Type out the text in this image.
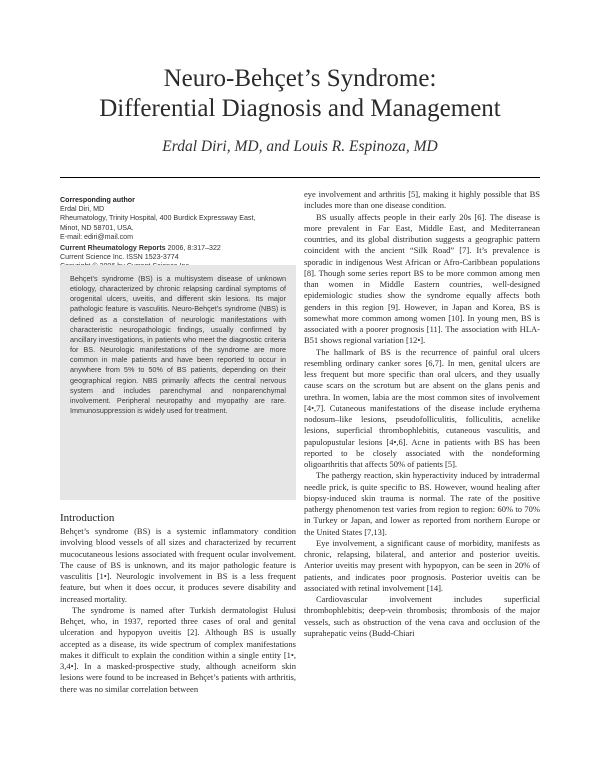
Neuro-Behçet’s Syndrome:
Differential Diagnosis and Management
Erdal Diri, MD, and Louis R. Espinoza, MD
Corresponding author
Erdal Diri, MD
Rheumatology, Trinity Hospital, 400 Burdick Expressway East,
Minot, ND 58701, USA.
E-mail: ediri@mail.com
Current Rheumatology Reports 2006, 8:317–322
Current Science Inc. ISSN 1523-3774
Behçet’s syndrome (BS) is a multisystem disease of unknown etiology, characterized by chronic relapsing cardinal symptoms of orogenital ulcers, uveitis, and different skin lesions. Its major pathologic feature is vasculitis. Neuro-Behçet’s syndrome (NBS) is defined as a constellation of neurologic manifestations with characteristic neuropathologic findings, usually confirmed by ancillary investigations, in patients who meet the diagnostic criteria for BS. Neurologic manifestations of the syndrome are more common in male patients and have been reported to occur in anywhere from 5% to 50% of BS patients, depending on their geographical region. NBS primarily affects the central nervous system and includes parenchymal and nonparenchymal involvement. Peripheral neuropathy and myopathy are rare. Immunosuppression is widely used for treatment.
Introduction

Behçet’s syndrome (BS) is a systemic inflammatory condition involving blood vessels of all sizes and characterized by recurrent mucocutaneous lesions associated with frequent ocular involvement. The cause of BS is unknown, and its major pathologic feature is vasculitis [1•]. Neurologic involvement in BS is a less frequent feature, but when it does occur, it produces severe disability and increased mortality.

The syndrome is named after Turkish dermatologist Hulusi Behçet, who, in 1937, reported three cases of oral and genital ulceration and hypopyon uveitis [2]. Although BS is usually accepted as a disease, its wide spectrum of complex manifestations makes it difficult to explain the condition within a single entity [1•, 3,4•]. In a masked-prospective study, although acneiform skin lesions were found to be increased in Behçet’s patients with arthritis, there was no similar correlation between

eye involvement and arthritis [5], making it highly possible that BS includes more than one disease condition.

BS usually affects people in their early 20s [6]. The disease is more prevalent in Far East, Middle East, and Mediterranean countries, and its global distribution suggests a geographic pattern coincident with the ancient “Silk Road” [7]. It’s prevalence is sporadic in indigenous West African or Afro-Caribbean populations [8]. Though some series report BS to be more common among men than women in Middle Eastern countries, well-designed epidemiologic studies show the syndrome equally affects both genders in this region [9]. However, in Japan and Korea, BS is somewhat more common among women [10]. In young men, BS is associated with a poorer prognosis [11]. The association with HLA-B51 shows regional variation [12•].

The hallmark of BS is the recurrence of painful oral ulcers resembling ordinary canker sores [6,7]. In men, genital ulcers are less frequent but more specific than oral ulcers, and they usually cause scars on the scrotum but are absent on the glans penis and urethra. In women, labia are the most common sites of involvement [4•,7]. Cutaneous manifestations of the disease include erythema nodosum–like lesions, pseudofolliculitis, folliculitis, acnelike lesions, superficial thrombophlebitis, cutaneous vasculitis, and papulopustular lesions [4•,6]. Acne in patients with BS has been reported to be closely associated with the nondeforming oligoarthritis that affects 50% of patients [5].

The pathergy reaction, skin hyperactivity induced by intradermal needle prick, is quite specific to BS. However, wound healing after biopsy-induced skin trauma is normal. The rate of the positive pathergy phenomenon test varies from region to region: 60% to 70% in Turkey or Japan, and lower as reported from northern Europe or the United States [7,13].

Eye involvement, a significant cause of morbidity, manifests as chronic, relapsing, bilateral, and anterior and posterior uveitis. Anterior uveitis may present with hypopyon, can be seen in 20% of patients, and indicates poor prognosis. Posterior uveitis can be associated with retinal involvement [14].

Cardiovascular involvement includes superficial thrombophlebitis; deep-vein thrombosis; thrombosis of the major vessels, such as obstruction of the vena cava and occlusion of the suprahepatic veins (Budd-Chiari
